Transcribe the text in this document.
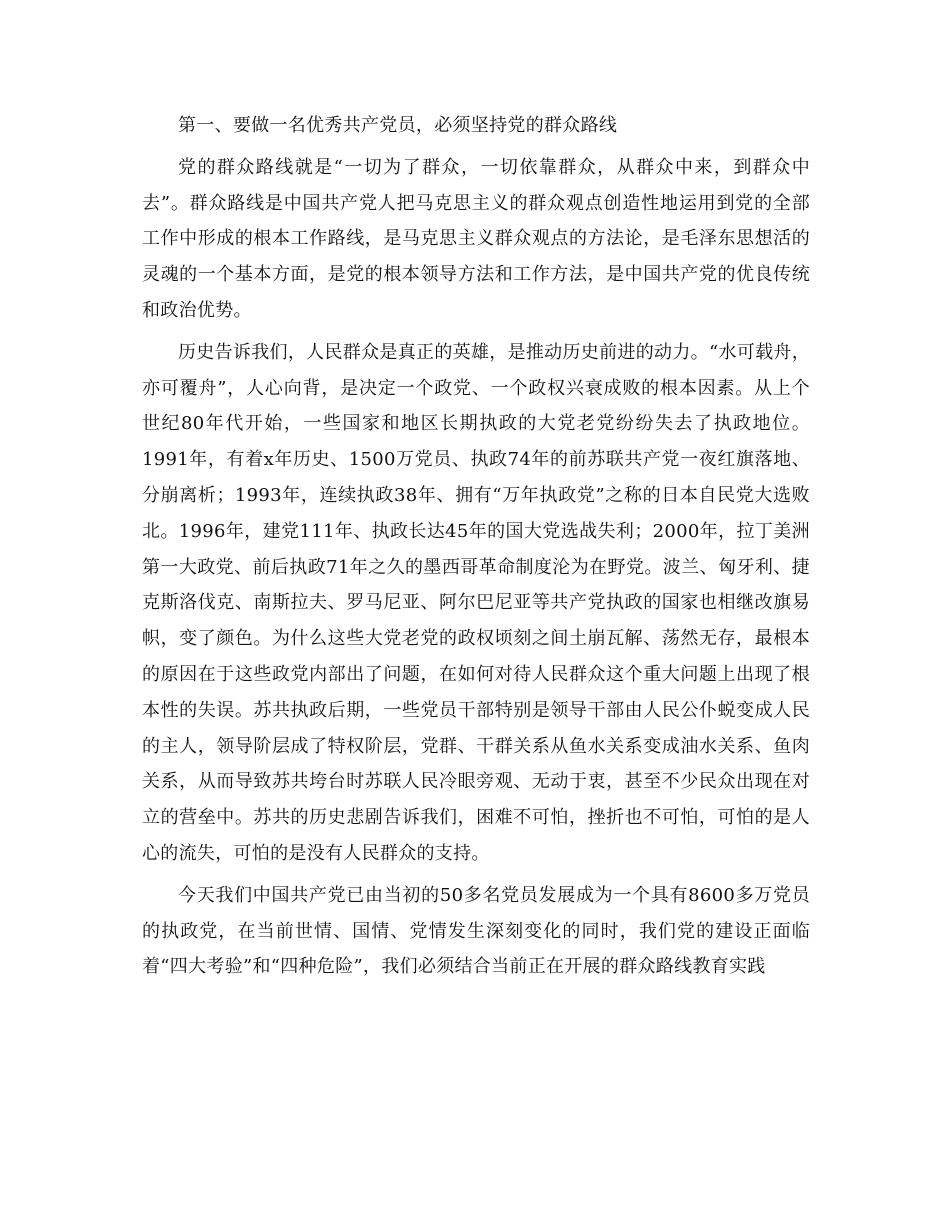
第一、要做一名优秀共产党员，必须坚持党的群众路线

党的群众路线就是“一切为了群众，一切依靠群众，从群众中来，到群众中去”。群众路线是中国共产党人把马克思主义的群众观点创造性地运用到党的全部工作中形成的根本工作路线，是马克思主义群众观点的方法论，是毛泽东思想活的灵魂的一个基本方面，是党的根本领导方法和工作方法，是中国共产党的优良传统和政治优势。

历史告诉我们，人民群众是真正的英雄，是推动历史前进的动力。“水可载舟，亦可覆舟”，人心向背，是决定一个政党、一个政权兴衰成败的根本因素。从上个世纪80年代开始，一些国家和地区长期执政的大党老党纷纷失去了执政地位。1991年，有着x年历史、1500万党员、执政74年的前苏联共产党一夜红旗落地、分崩离析；1993年，连续执政38年、拥有“万年执政党”之称的日本自民党大选败北。1996年，建党111年、执政长达45年的国大党选战失利；2000年，拉丁美洲第一大政党、前后执政71年之久的墨西哥革命制度沦为在野党。波兰、匈牙利、捷克斯洛伐克、南斯拉夫、罗马尼亚、阿尔巴尼亚等共产党执政的国家也相继改旗易帜，变了颜色。为什么这些大党老党的政权顷刻之间土崩瓦解、荡然无存，最根本的原因在于这些政党内部出了问题，在如何对待人民群众这个重大问题上出现了根本性的失误。苏共执政后期，一些党员干部特别是领导干部由人民公仆蜕变成人民的主人，领导阶层成了特权阶层，党群、干群关系从鱼水关系变成油水关系、鱼肉关系，从而导致苏共垮台时苏联人民冷眼旁观、无动于衷，甚至不少民众出现在对立的营垒中。苏共的历史悲剧告诉我们，困难不可怕，挫折也不可怕，可怕的是人心的流失，可怕的是没有人民群众的支持。

今天我们中国共产党已由当初的50多名党员发展成为一个具有8600多万党员的执政党，在当前世情、国情、党情发生深刻变化的同时，我们党的建设正面临着“四大考验”和“四种危险”，我们必须结合当前正在开展的群众路线教育实践
